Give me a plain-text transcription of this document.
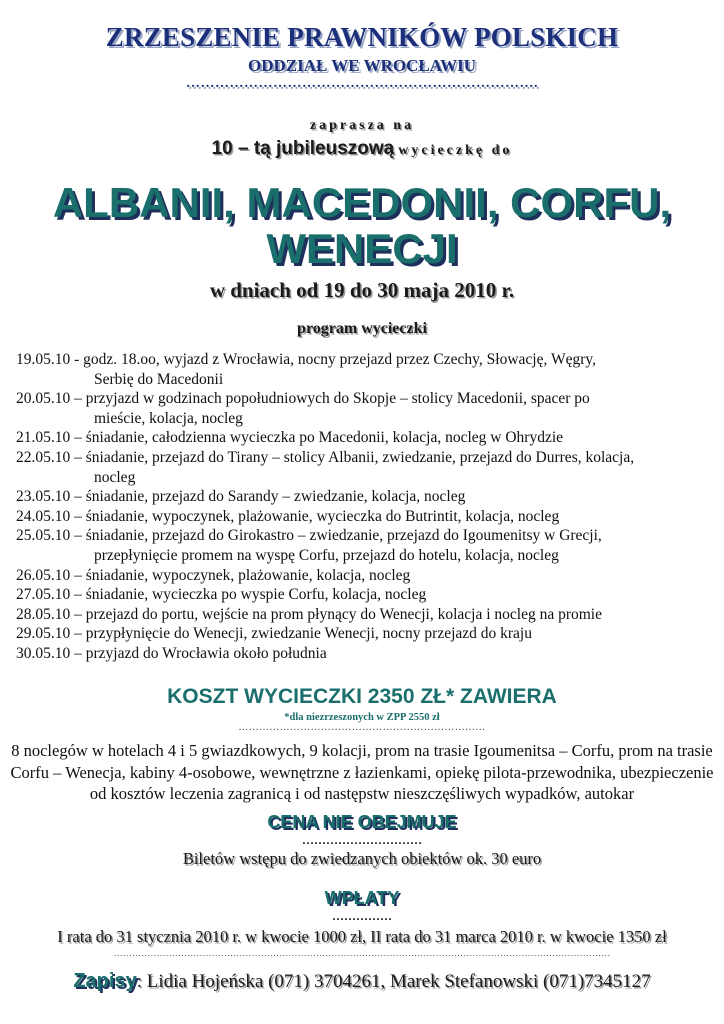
ZRZESZENIE PRAWNIKÓW POLSKICH
ODDZIAŁ WE WROCŁAWIU
……………………………………………………………….
zaprasza na
10 – tą jubileuszową wycieczkę do
ALBANII, MACEDONII, CORFU,
WENECJI
w dniach od 19 do 30 maja 2010 r.
program wycieczki
19.05.10 - godz. 18.oo, wyjazd z Wrocławia, nocny przejazd przez Czechy, Słowację, Węgry,
Serbię do Macedonii
20.05.10 – przyjazd w godzinach popołudniowych do Skopje – stolicy Macedonii, spacer po
mieście, kolacja, nocleg
21.05.10 – śniadanie, całodzienna wycieczka po Macedonii, kolacja, nocleg w Ohrydzie
22.05.10 – śniadanie, przejazd do Tirany – stolicy Albanii, zwiedzanie, przejazd do Durres, kolacja,
nocleg
23.05.10 – śniadanie, przejazd do Sarandy – zwiedzanie, kolacja, nocleg
24.05.10 – śniadanie, wypoczynek, plażowanie, wycieczka do Butrintit, kolacja, nocleg
25.05.10 – śniadanie, przejazd do Girokastro – zwiedzanie, przejazd do Igoumenitsy w Grecji,
przepłynięcie promem na wyspę Corfu, przejazd do hotelu, kolacja, nocleg
26.05.10 – śniadanie, wypoczynek, plażowanie, kolacja, nocleg
27.05.10 – śniadanie, wycieczka po wyspie Corfu, kolacja, nocleg
28.05.10 – przejazd do portu, wejście na prom płynący do Wenecji, kolacja i nocleg na promie
29.05.10 – przypłynięcie do Wenecji, zwiedzanie Wenecji, nocny przejazd do kraju
30.05.10 – przyjazd do Wrocławia około południa
KOSZT WYCIECZKI 2350 ZŁ* ZAWIERA
*dla niezrzeszonych w ZPP 2550 zł
………………………………………………………………
8 noclegów w hotelach 4 i 5 gwiazdkowych, 9 kolacji, prom na trasie Igoumenitsa – Corfu, prom na trasie Corfu – Wenecja, kabiny 4-osobowe, wewnętrzne z łazienkami, opiekę pilota-przewodnika, ubezpieczenie od kosztów leczenia zagranicą i od następstw nieszczęśliwych wypadków, autokar
CENA NIE OBEJMUJE
…………………………
Biletów wstępu do zwiedzanych obiektów ok. 30 euro
WPŁATY
……………
I rata do 31 stycznia 2010 r. w kwocie 1000 zł, II rata do 31 marca 2010 r. w kwocie 1350 zł
………………………………………………………………………………………………………………………………………………
Zapisy: Lidia Hojeńska (071) 3704261, Marek Stefanowski (071)7345127
